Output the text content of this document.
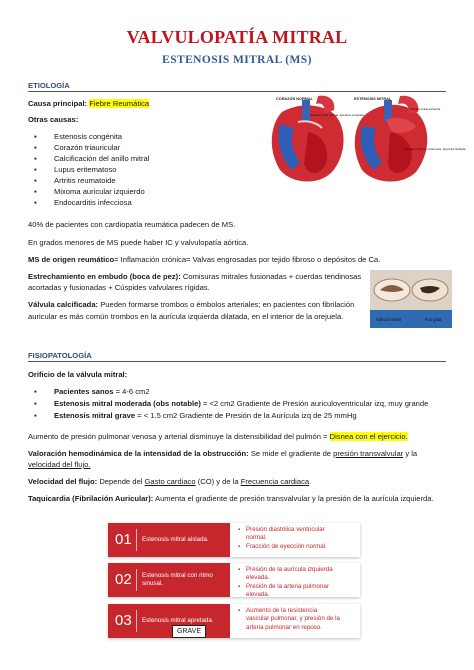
VALVULOPATÍA MITRAL
ESTENOSIS MITRAL (MS)
ETIOLOGÍA
Causa principal: Fiebre Reumática
Otras causas:
▪ Estenosis congénita
▪ Corazón triauricular
▪ Calcificación del anillo mitral
▪ Lupus eritematoso
▪ Artritis reumatoide
▪ Mixoma auricular izquierdo
▪ Endocarditis infecciosa
40% de pacientes con cardiopatía reumática padecen de MS.
En grados menores de MS puede haber IC y valvulopatía aórtica.
MS de origen reumático= Inflamación crónica= Valvas engrosadas por tejido fibroso o depósitos de Ca.
Estrechamiento en embudo (boca de pez): Comisuras mitrales fusionadas + cuerdas tendinosas
acortadas y fusionadas + Cúspides valvulares rígidas.
Válvula calcificada: Pueden formarse trombos o émbolos arteriales; en pacientes con fibrilación
auricular es más común trombos en la aurícula izquierda dilatada, en el interior de la orejuela.
CORAZÓN NORMAL	ESTENOSIS MITRAL
Válvula mitral normal. Apertura completa
Válvula mitral estrecha
Válvula mitral con estenosis. Apertura limitada
Válvula mitral	Fox gata
FISIOPATOLOGÍA
Orificio de la válvula mitral:
▪ Pacientes sanos = 4-6 cm2
▪ Estenosis mitral moderada (obs notable) = <2 cm2 Gradiente de Presión auriculoventricular izq, muy grande
▪ Estenosis mitral grave = < 1.5 cm2 Gradiente de Presión de la Aurícula izq de 25 mmHg
Aumento de presión pulmonar venosa y arterial disminuye la distensibilidad del pulmón = Disnea con el ejercicio.
Valoración hemodinámica de la intensidad de la obstrucción: Se mide el gradiente de presión transvalvular y la
velocidad del flujo.
Velocidad del flujo: Depende del Gasto cardiaco (CO) y de la Frecuencia cardiaca.
Taquicardia (Fibrilación Auricular): Aumenta el gradiente de presión transvalvular y la presión de la aurícula izquierda.
01 Estenosis mitral aislada.
▪ Presión diastólica ventricular
normal.
▪ Fracción de eyección normal.
02 Estenosis mitral con ritmo sinusal.
▪ Presión de la aurícula izquierda
elevada.
▪ Presión de la arteria pulmonar
elevada.
03 Estenosis mitral apretada.
▪ Aumento de la resistencia
vascular pulmonar, y presión de la
arteria pulmonar en reposo.
GRAVE
